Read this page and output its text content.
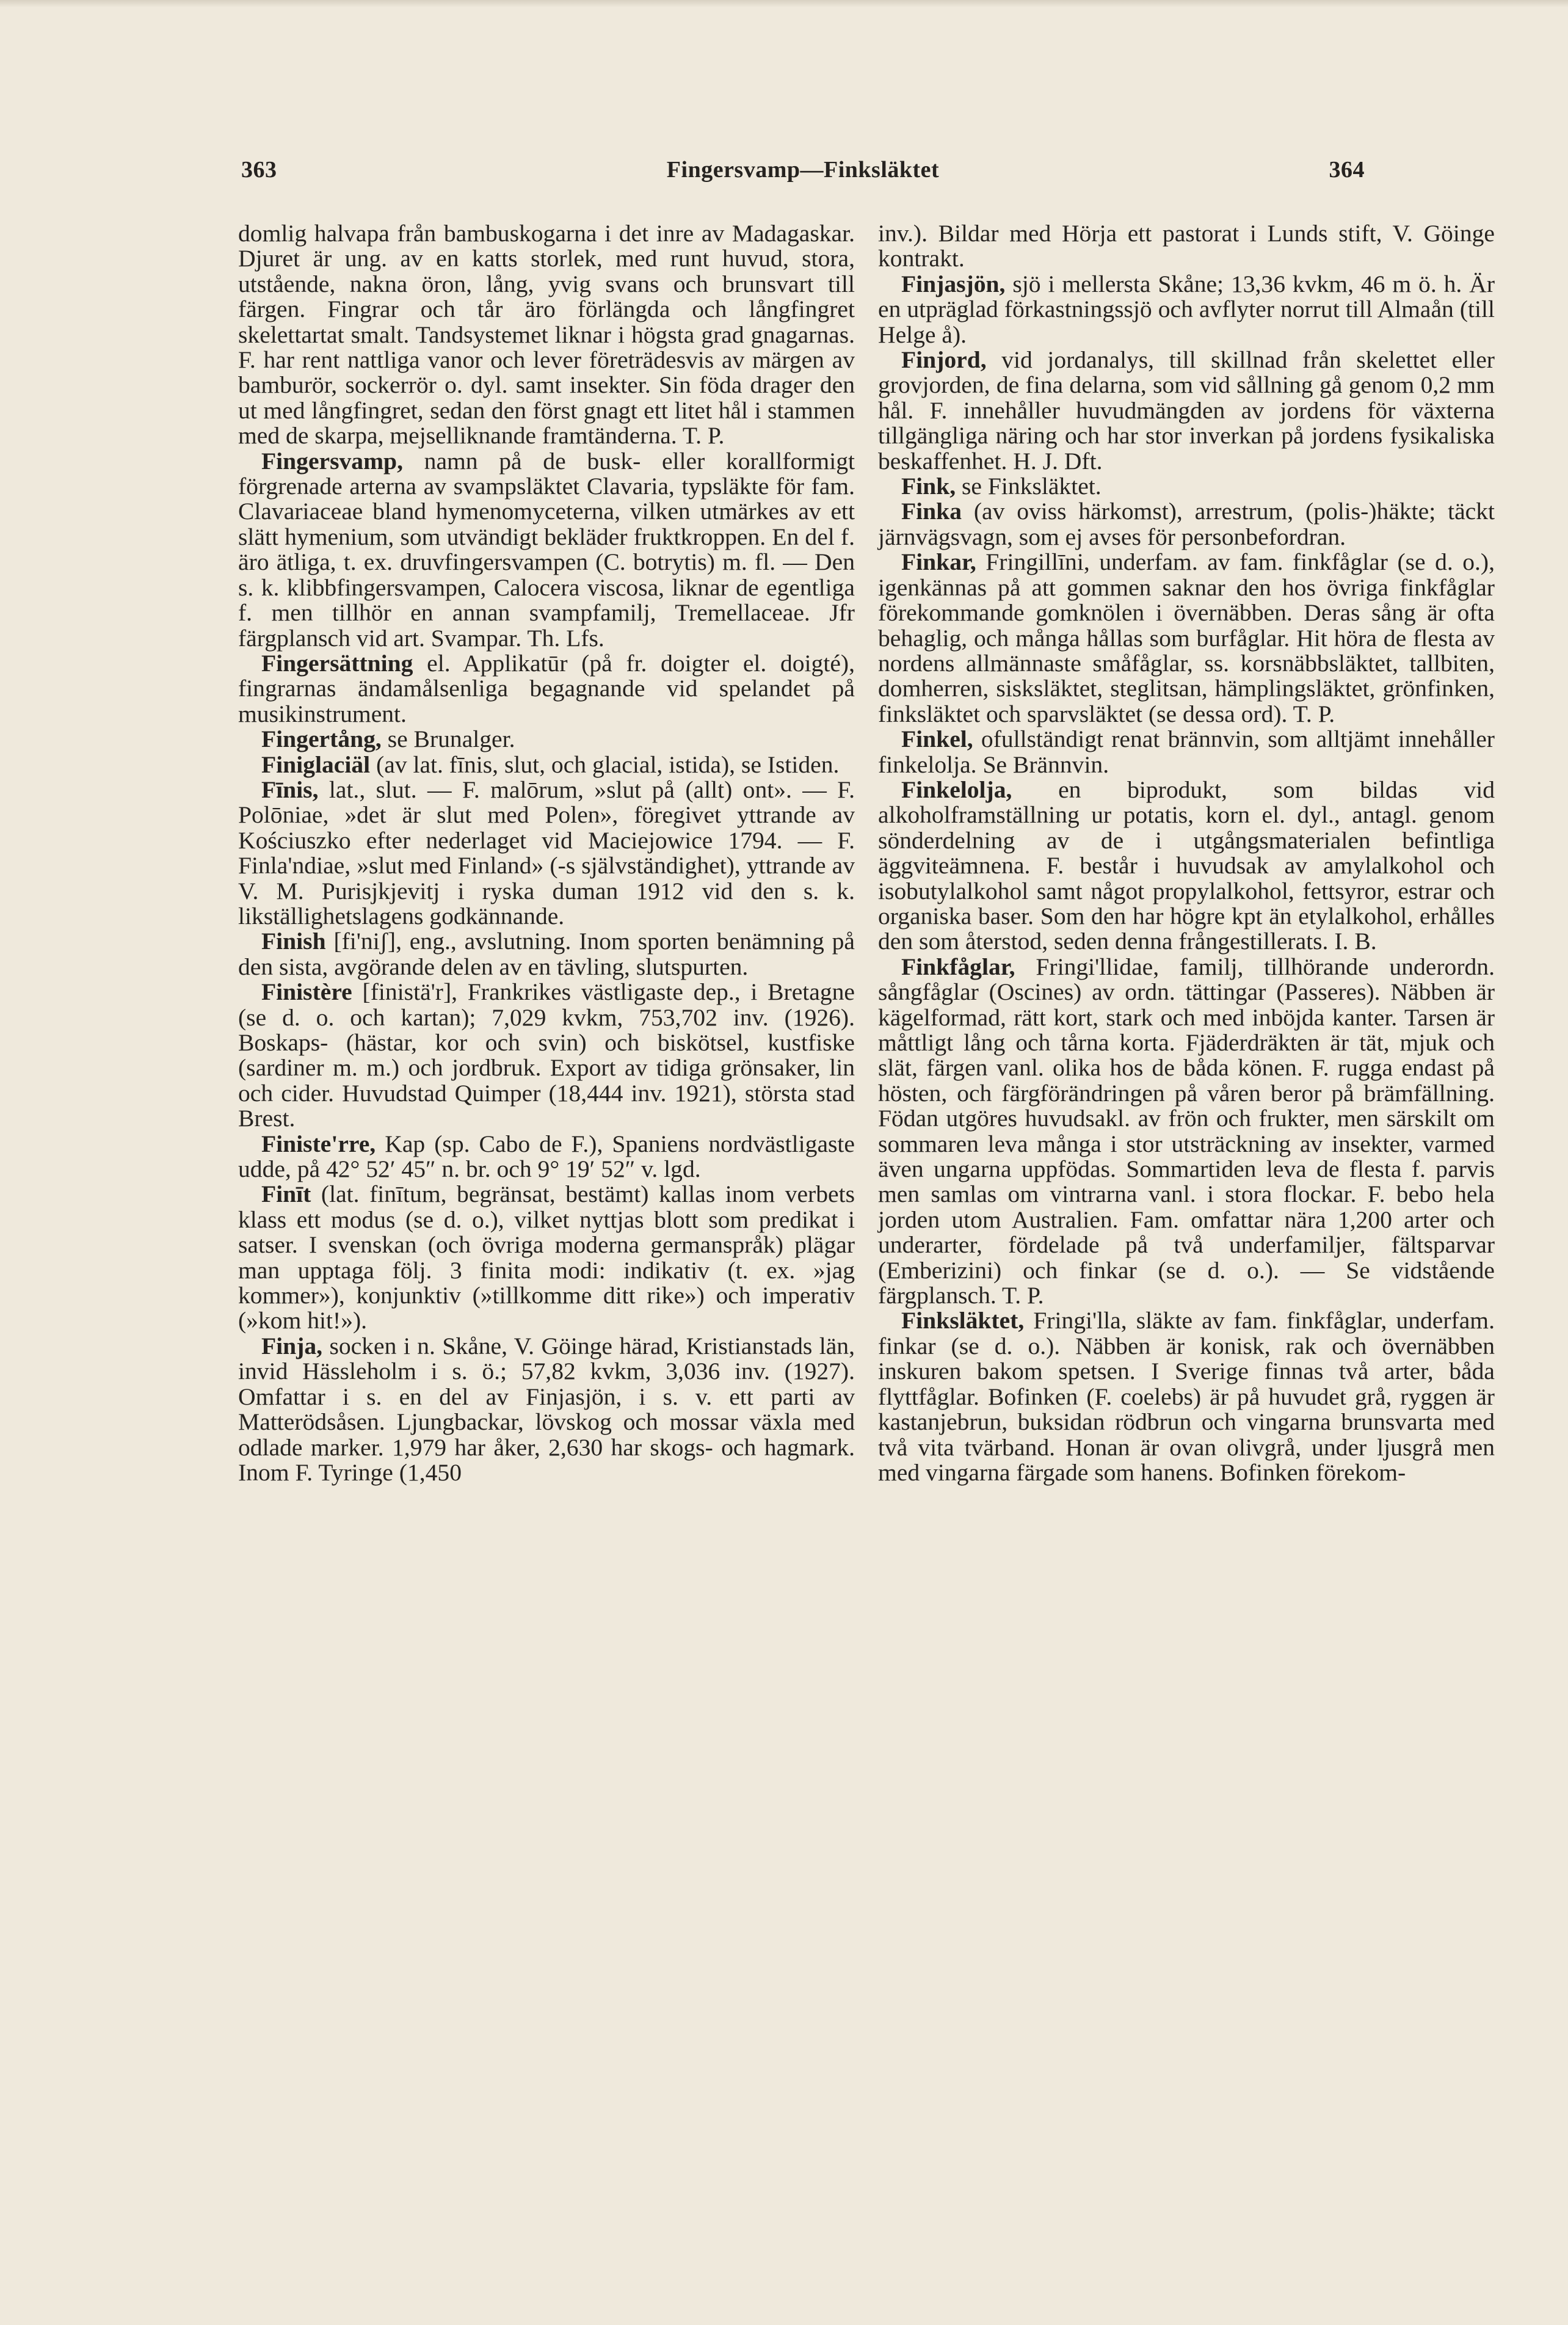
363	Fingersvamp—Finksläktet	364

domlig halvapa från bambuskogarna i det inre av Madagaskar. Djuret är ung. av en katts storlek, med runt huvud, stora, utstående, nakna öron, lång, yvig svans och brunsvart till färgen. Fingrar och tår äro förlängda och långfingret skelettartat smalt. Tandsystemet liknar i högsta grad gnagarnas. F. har rent nattliga vanor och lever företrädesvis av märgen av bamburör, sockerrör o. dyl. samt insekter. Sin föda drager den ut med långfingret, sedan den först gnagt ett litet hål i stammen med de skarpa, mejselliknande framtänderna. T. P.

Fingersvamp, namn på de busk- eller korallformigt förgrenade arterna av svampsläktet Clavaria, typsläkte för fam. Clavariaceae bland hymenomyceterna, vilken utmärkes av ett slätt hymenium, som utvändigt bekläder fruktkroppen. En del f. äro ätliga, t. ex. druvfingersvampen (C. botrytis) m. fl. — Den s. k. klibbfingersvampen, Calocera viscosa, liknar de egentliga f. men tillhör en annan svampfamilj, Tremellaceae. Jfr färgplansch vid art. Svampar. Th. Lfs.

Fingersättning el. Applikatūr (på fr. doigter el. doigté), fingrarnas ändamålsenliga begagnande vid spelandet på musikinstrument.

Fingertång, se Brunalger.

Finiglaciäl (av lat. fīnis, slut, och glacial, istida), se Istiden.

Fīnis, lat., slut. — F. malōrum, »slut på (allt) ont». — F. Polōniae, »det är slut med Polen», föregivet yttrande av Kościuszko efter nederlaget vid Maciejowice 1794. — F. Finla'ndiae, »slut med Finland» (-s självständighet), yttrande av V. M. Purisjkjevitj i ryska duman 1912 vid den s. k. likställighetslagens godkännande.

Finish [fi'niʃ], eng., avslutning. Inom sporten benämning på den sista, avgörande delen av en tävling, slutspurten.

Finistère [finistä'r], Frankrikes västligaste dep., i Bretagne (se d. o. och kartan); 7,029 kvkm, 753,702 inv. (1926). Boskaps- (hästar, kor och svin) och biskötsel, kustfiske (sardiner m. m.) och jordbruk. Export av tidiga grönsaker, lin och cider. Huvudstad Quimper (18,444 inv. 1921), största stad Brest.

Finiste'rre, Kap (sp. Cabo de F.), Spaniens nordvästligaste udde, på 42° 52′ 45″ n. br. och 9° 19′ 52″ v. lgd.

Finīt (lat. finītum, begränsat, bestämt) kallas inom verbets klass ett modus (se d. o.), vilket nyttjas blott som predikat i satser. I svenskan (och övriga moderna germanspråk) plägar man upptaga följ. 3 finita modi: indikativ (t. ex. »jag kommer»), konjunktiv (»tillkomme ditt rike») och imperativ (»kom hit!»).

Finja, socken i n. Skåne, V. Göinge härad, Kristianstads län, invid Hässleholm i s. ö.; 57,82 kvkm, 3,036 inv. (1927). Omfattar i s. en del av Finjasjön, i s. v. ett parti av Matterödsåsen. Ljungbackar, lövskog och mossar växla med odlade marker. 1,979 har åker, 2,630 har skogs- och hagmark. Inom F. Tyringe (1,450

inv.). Bildar med Hörja ett pastorat i Lunds stift, V. Göinge kontrakt.

Finjasjön, sjö i mellersta Skåne; 13,36 kvkm, 46 m ö. h. Är en utpräglad förkastningssjö och avflyter norrut till Almaån (till Helge å).

Finjord, vid jordanalys, till skillnad från skelettet eller grovjorden, de fina delarna, som vid sållning gå genom 0,2 mm hål. F. innehåller huvudmängden av jordens för växterna tillgängliga näring och har stor inverkan på jordens fysikaliska beskaffenhet. H. J. Dft.

Fink, se Finksläktet.

Finka (av oviss härkomst), arrestrum, (polis-)häkte; täckt järnvägsvagn, som ej avses för personbefordran.

Finkar, Fringillīni, underfam. av fam. finkfåglar (se d. o.), igenkännas på att gommen saknar den hos övriga finkfåglar förekommande gomknölen i övernäbben. Deras sång är ofta behaglig, och många hållas som burfåglar. Hit höra de flesta av nordens allmännaste småfåglar, ss. korsnäbbsläktet, tallbiten, domherren, sisksläktet, steglitsan, hämplingsläktet, grönfinken, finksläktet och sparvsläktet (se dessa ord). T. P.

Finkel, ofullständigt renat brännvin, som alltjämt innehåller finkelolja. Se Brännvin.

Finkelolja, en biprodukt, som bildas vid alkoholframställning ur potatis, korn el. dyl., antagl. genom sönderdelning av de i utgångsmaterialen befintliga äggviteämnena. F. består i huvudsak av amylalkohol och isobutylalkohol samt något propylalkohol, fettsyror, estrar och organiska baser. Som den har högre kpt än etylalkohol, erhålles den som återstod, seden denna frångestillerats. I. B.

Finkfåglar, Fringi'llidae, familj, tillhörande underordn. sångfåglar (Oscines) av ordn. tättingar (Passeres). Näbben är kägelformad, rätt kort, stark och med inböjda kanter. Tarsen är måttligt lång och tårna korta. Fjäderdräkten är tät, mjuk och slät, färgen vanl. olika hos de båda könen. F. rugga endast på hösten, och färgförändringen på våren beror på brämfällning. Födan utgöres huvudsakl. av frön och frukter, men särskilt om sommaren leva många i stor utsträckning av insekter, varmed även ungarna uppfödas. Sommartiden leva de flesta f. parvis men samlas om vintrarna vanl. i stora flockar. F. bebo hela jorden utom Australien. Fam. omfattar nära 1,200 arter och underarter, fördelade på två underfamiljer, fältsparvar (Emberizini) och finkar (se d. o.). — Se vidstående färgplansch. T. P.

Finksläktet, Fringi'lla, släkte av fam. finkfåglar, underfam. finkar (se d. o.). Näbben är konisk, rak och övernäbben inskuren bakom spetsen. I Sverige finnas två arter, båda flyttfåglar. Bofinken (F. coelebs) är på huvudet grå, ryggen är kastanjebrun, buksidan rödbrun och vingarna brunsvarta med två vita tvärband. Honan är ovan olivgrå, under ljusgrå men med vingarna färgade som hanens. Bofinken förekom-
